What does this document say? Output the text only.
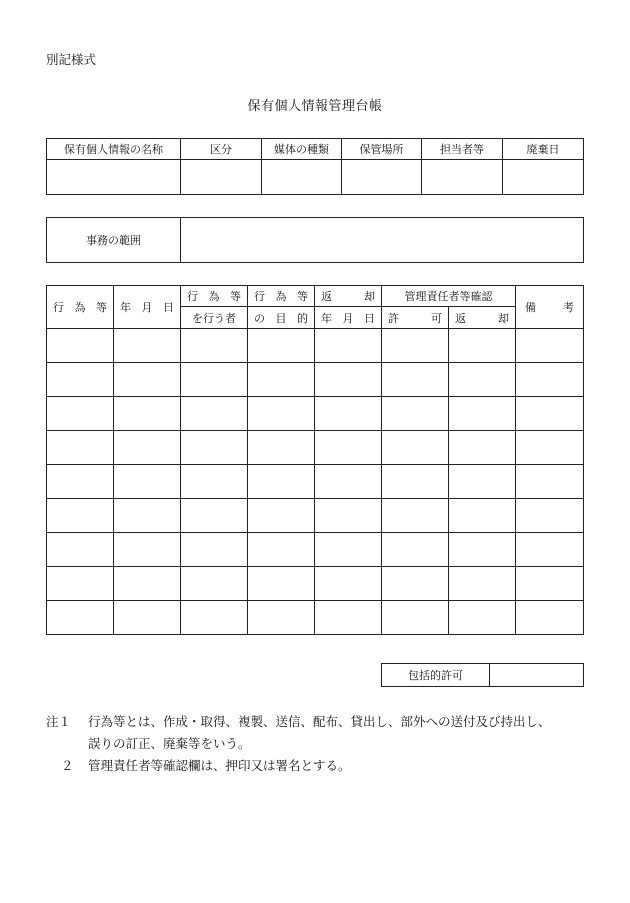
別記様式
保有個人情報管理台帳
保有個人情報の名称	区分	媒体の種類	保管場所	担当者等	廃棄日

事務の範囲	
行 為 等	年 月 日	行 為 等	行 為 等	返 却	管理責任者等確認		備 考

		を行う者	の 目 的	年 月 日	許 可	返 却	

包括的許可	
注１	行為等とは、作成・取得、複製、送信、配布、貸出し、部外への送付及び持出し、
誤りの訂正、廃棄等をいう。
２	管理責任者等確認欄は、押印又は署名とする。
